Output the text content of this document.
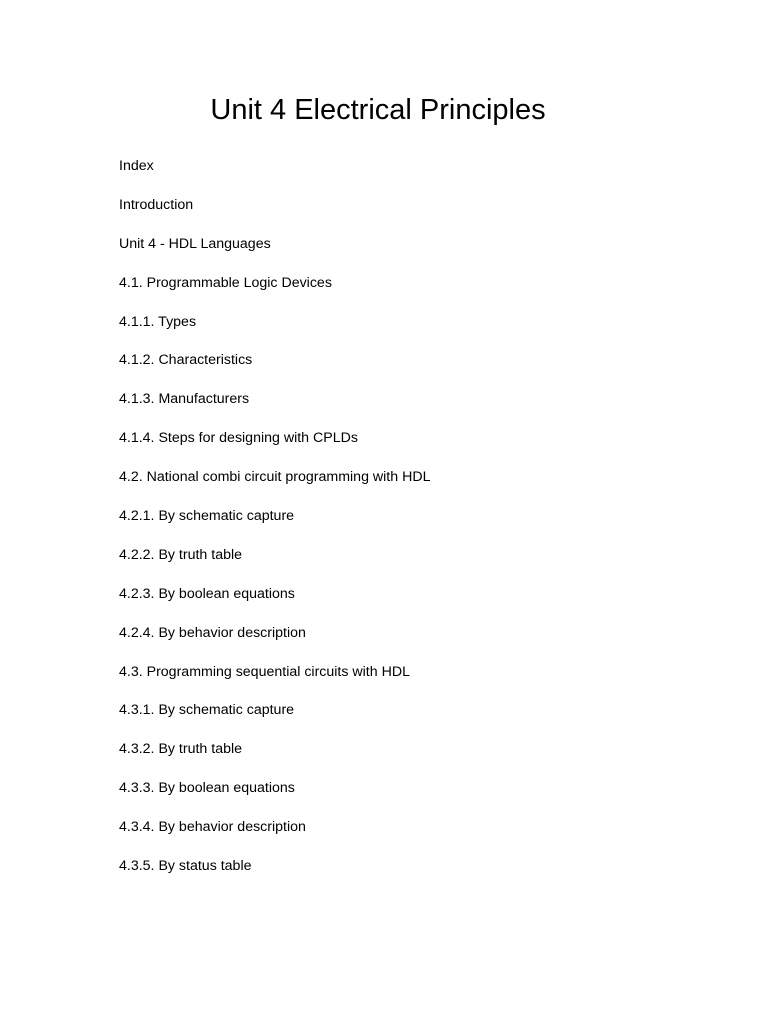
Unit 4 Electrical Principles
Index
Introduction
Unit 4 - HDL Languages
4.1. Programmable Logic Devices
4.1.1. Types
4.1.2. Characteristics
4.1.3. Manufacturers
4.1.4. Steps for designing with CPLDs
4.2. National combi circuit programming with HDL
4.2.1. By schematic capture
4.2.2. By truth table
4.2.3. By boolean equations
4.2.4. By behavior description
4.3. Programming sequential circuits with HDL
4.3.1. By schematic capture
4.3.2. By truth table
4.3.3. By boolean equations
4.3.4. By behavior description
4.3.5. By status table
